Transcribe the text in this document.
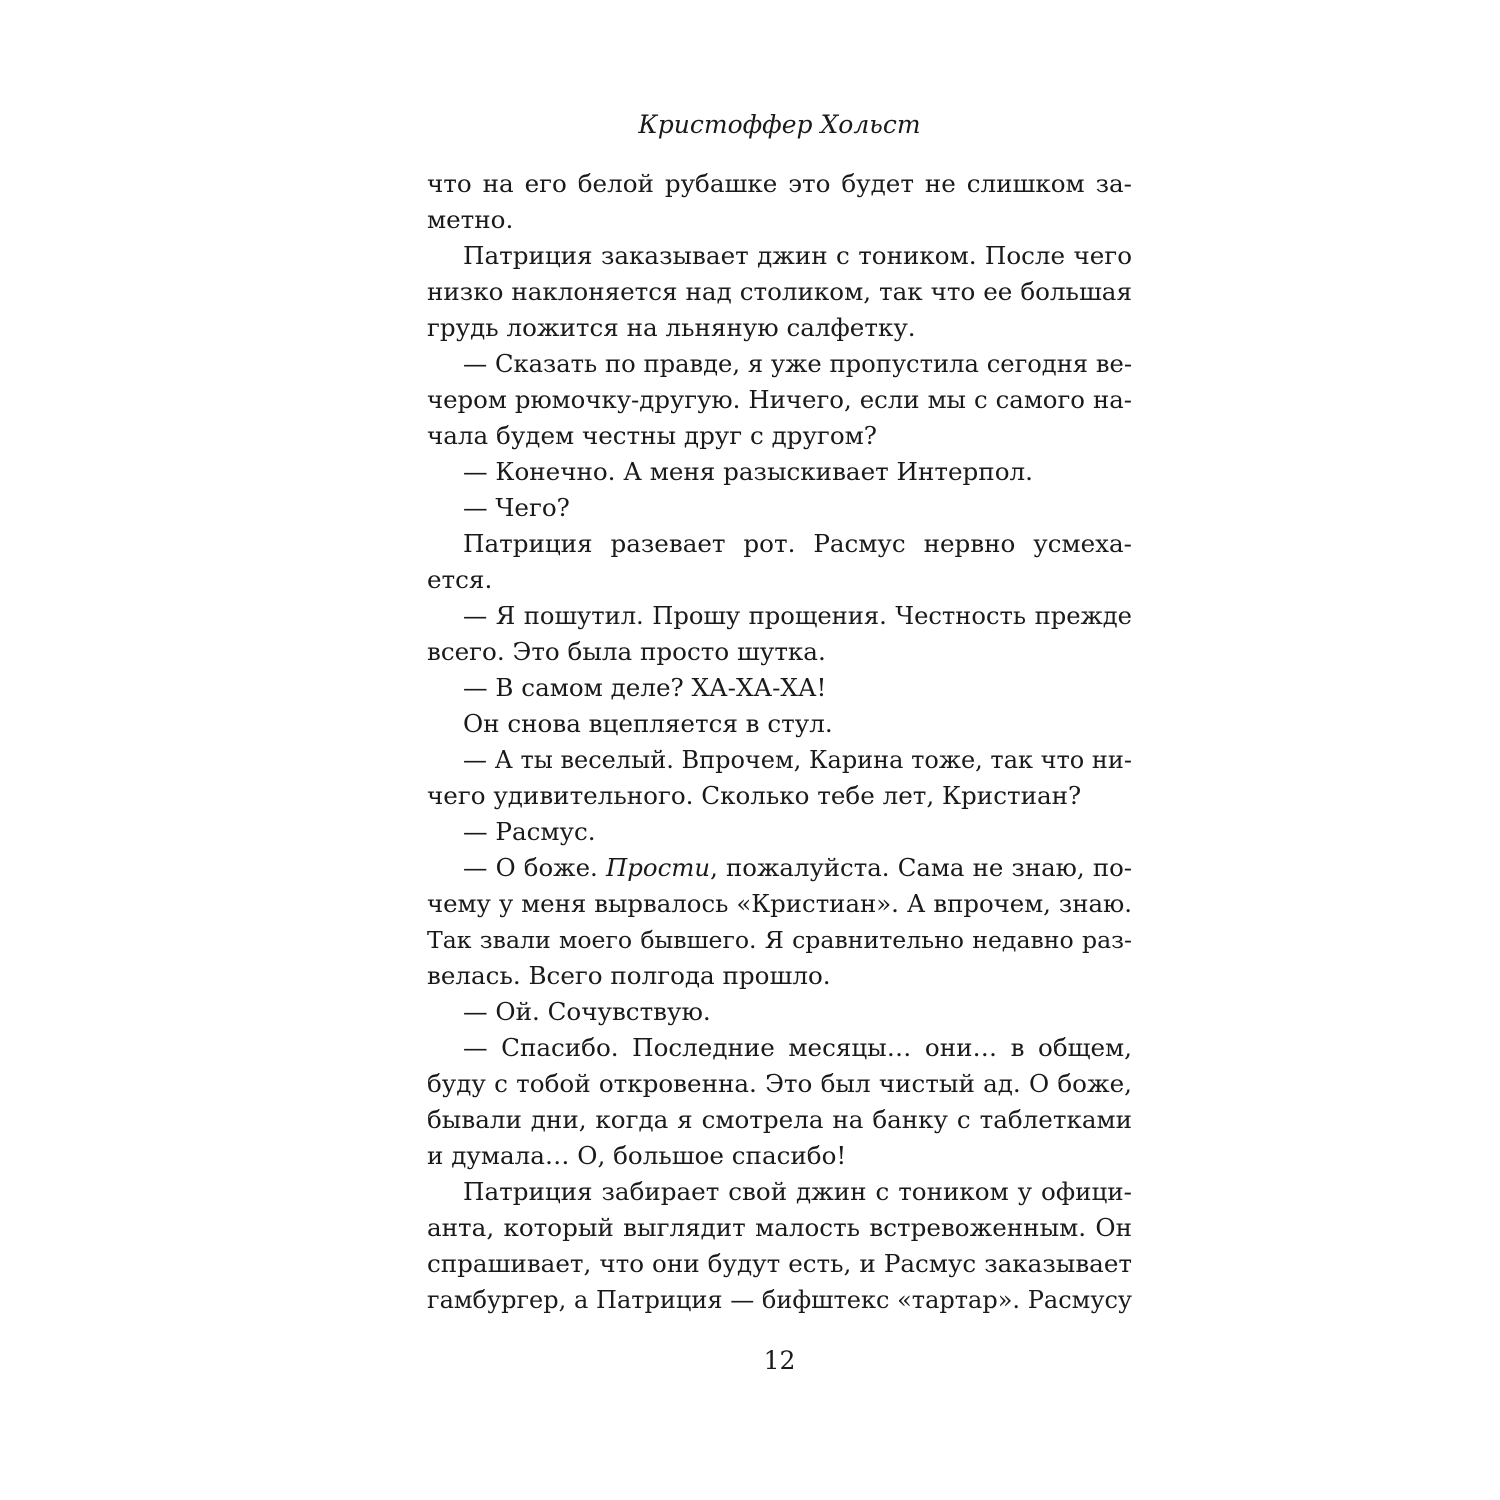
Кристоффер Хольст
что на его белой рубашке это будет не слишком за-
метно.
Патриция заказывает джин с тоником. После чего
низко наклоняется над столиком, так что ее большая
грудь ложится на льняную салфетку.
— Сказать по правде, я уже пропустила сегодня ве-
чером рюмочку-другую. Ничего, если мы с самого на-
чала будем честны друг с другом?
— Конечно. А меня разыскивает Интерпол.
— Чего?
Патриция разевает рот. Расмус нервно усмеха-
ется.
— Я пошутил. Прошу прощения. Честность прежде
всего. Это была просто шутка.
— В самом деле? ХА-ХА-ХА!
Он снова вцепляется в стул.
— А ты веселый. Впрочем, Карина тоже, так что ни-
чего удивительного. Сколько тебе лет, Кристиан?
— Расмус.
— О боже. Прости, пожалуйста. Сама не знаю, по-
чему у меня вырвалось «Кристиан». А впрочем, знаю.
Так звали моего бывшего. Я сравнительно недавно раз-
велась. Всего полгода прошло.
— Ой. Сочувствую.
— Спасибо. Последние месяцы… они… в общем,
буду с тобой откровенна. Это был чистый ад. О боже,
бывали дни, когда я смотрела на банку с таблетками
и думала… О, большое спасибо!
Патриция забирает свой джин с тоником у офици-
анта, который выглядит малость встревоженным. Он
спрашивает, что они будут есть, и Расмус заказывает
гамбургер, а Патриция — бифштекс «тартар». Расмусу
12
